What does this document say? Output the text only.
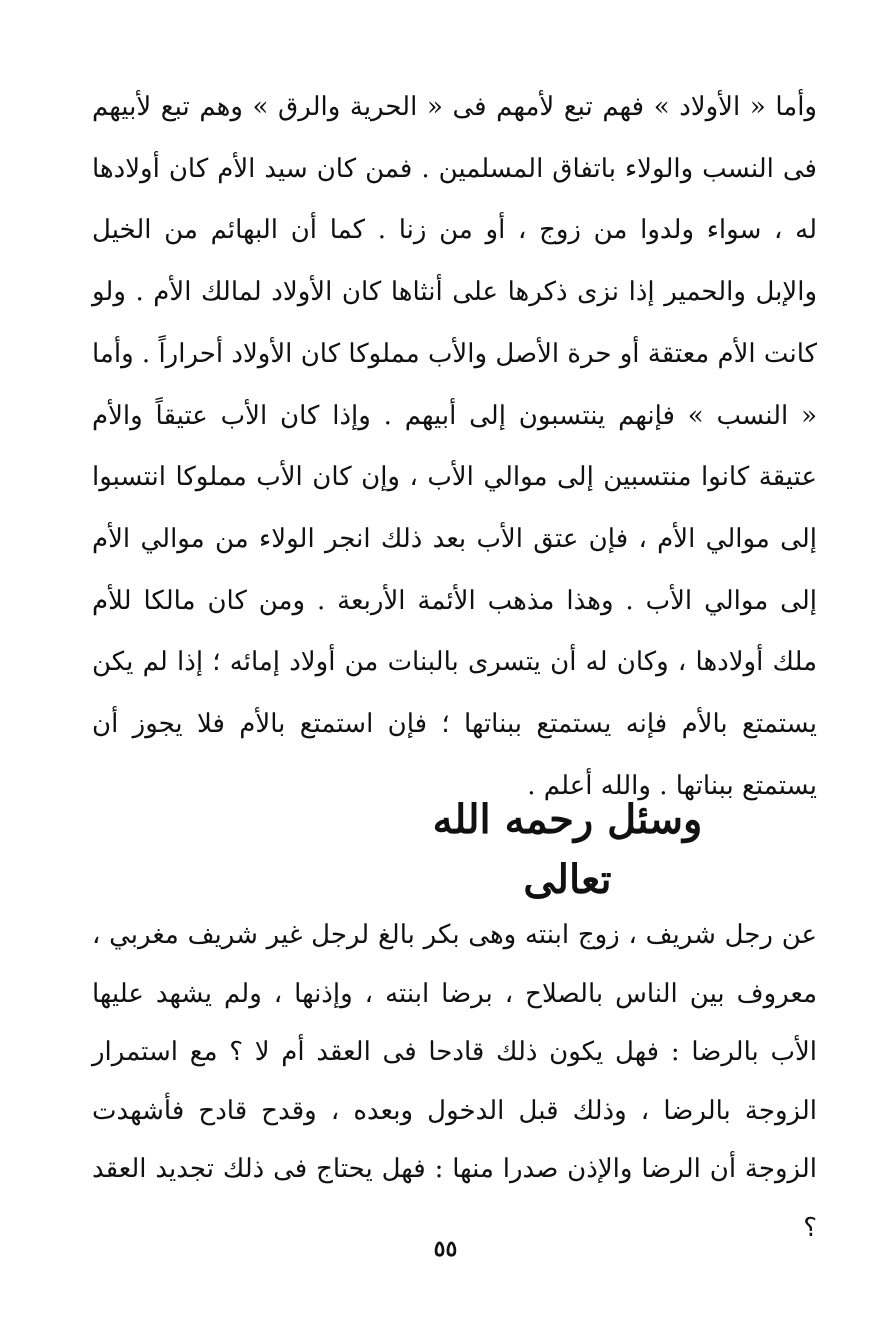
وأما « الأولاد » فهم تبع لأمهم فى « الحرية والرق » وهم تبع لأبيهم فى النسب والولاء باتفاق المسلمين . فمن كان سيد الأم كان أولادها له ، سواء ولدوا من زوج ، أو من زنا . كما أن البهائم من الخيل والإبل والحمير إذا نزى ذكرها على أنثاها كان الأولاد لمالك الأم . ولو كانت الأم معتقة أو حرة الأصل والأب مملوكا كان الأولاد أحراراً . وأما « النسب » فإنهم ينتسبون إلى أبيهم . وإذا كان الأب عتيقاً والأم عتيقة كانوا منتسبين إلى موالي الأب ، وإن كان الأب مملوكا انتسبوا إلى موالي الأم ، فإن عتق الأب بعد ذلك انجر الولاء من موالي الأم إلى موالي الأب . وهذا مذهب الأئمة الأربعة . ومن كان مالكا للأم ملك أولادها ، وكان له أن يتسرى بالبنات من أولاد إمائه ؛ إذا لم يكن يستمتع بالأم فإنه يستمتع ببناتها ؛ فإن استمتع بالأم فلا يجوز أن يستمتع ببناتها . والله أعلم .

وسئل رحمه الله تعالى

عن رجل شريف ، زوج ابنته وهى بكر بالغ لرجل غير شريف مغربي ، معروف بين الناس بالصلاح ، برضا ابنته ، وإذنها ، ولم يشهد عليها الأب بالرضا : فهل يكون ذلك قادحا فى العقد أم لا ؟ مع استمرار الزوجة بالرضا ، وذلك قبل الدخول وبعده ، وقدح قادح فأشهدت الزوجة أن الرضا والإذن صدرا منها : فهل يحتاج فى ذلك تجديد العقد ؟

٥٥
